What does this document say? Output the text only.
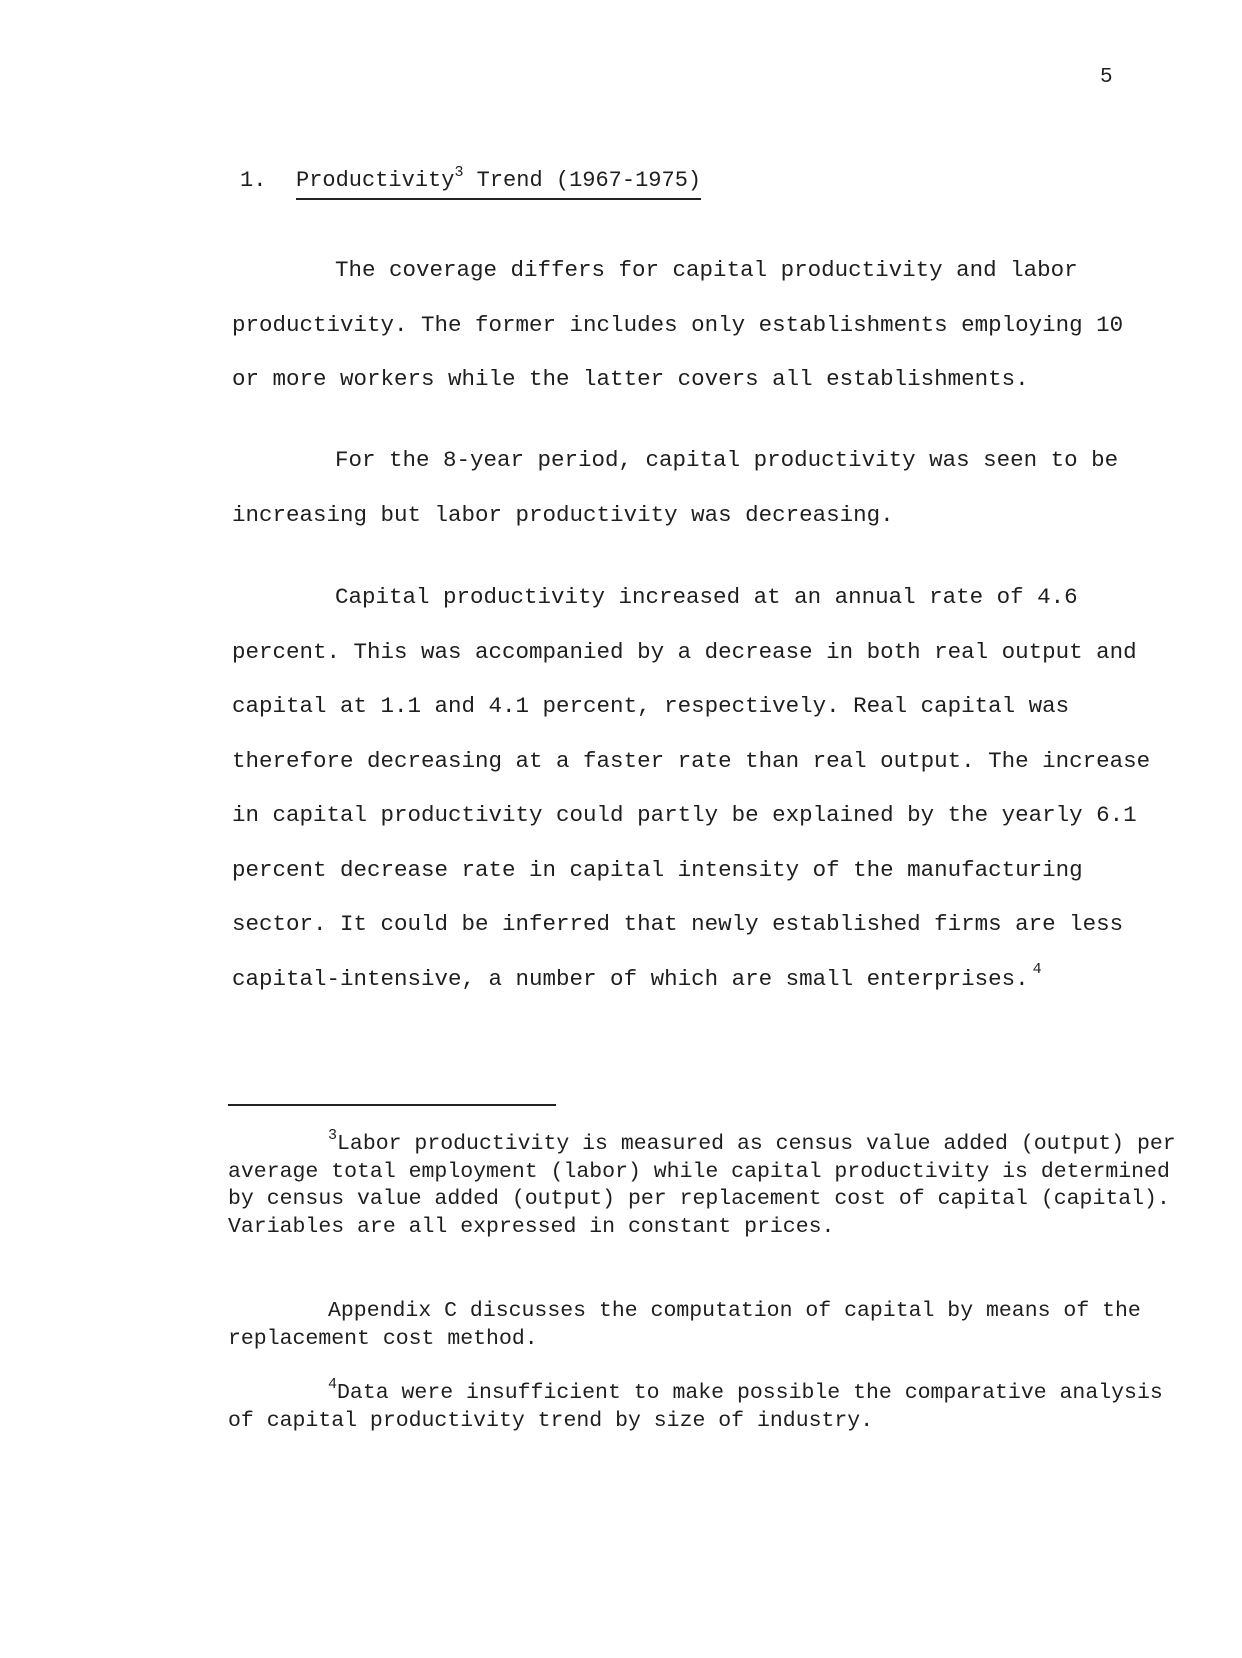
5
1. Productivity$^3$ Trend (1967-1975)

The coverage differs for capital productivity and labor productivity. The former includes only establishments employing 10 or more workers while the latter covers all establishments.

For the 8-year period, capital productivity was seen to be increasing but labor productivity was decreasing.

Capital productivity increased at an annual rate of 4.6 percent. This was accompanied by a decrease in both real output and capital at 1.1 and 4.1 percent, respectively. Real capital was therefore decreasing at a faster rate than real output. The increase in capital productivity could partly be explained by the yearly 6.1 percent decrease rate in capital intensity of the manufacturing sector. It could be inferred that newly established firms are less capital-intensive, a number of which are small enterprises. $^4$

$^3$Labor productivity is measured as census value added (output) per average total employment (labor) while capital productivity is determined by census value added (output) per replacement cost of capital (capital). Variables are all expressed in constant prices.

Appendix C discusses the computation of capital by means of the replacement cost method.

$^4$Data were insufficient to make possible the comparative analysis of capital productivity trend by size of industry.
